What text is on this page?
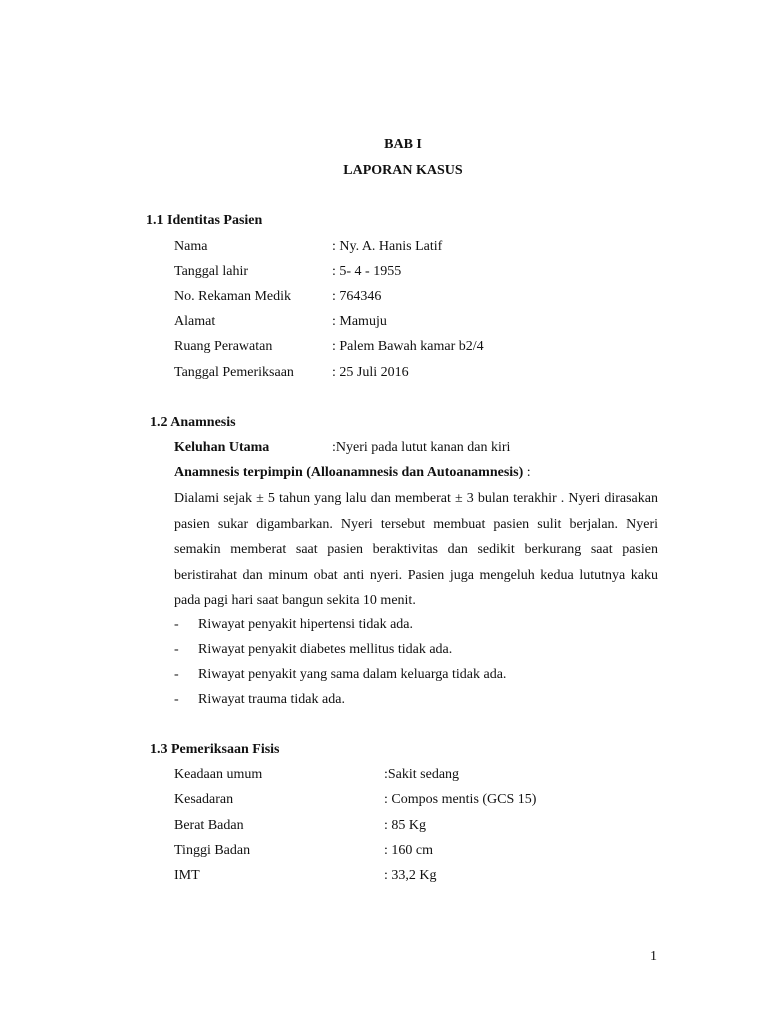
BAB I
LAPORAN KASUS
1.1 Identitas Pasien
Nama	: Ny. A. Hanis Latif
Tanggal lahir	: 5- 4 - 1955
No. Rekaman Medik	: 764346
Alamat	: Mamuju
Ruang Perawatan	: Palem Bawah kamar b2/4
Tanggal Pemeriksaan	: 25 Juli 2016
1.2 Anamnesis
Keluhan Utama	:Nyeri pada lutut kanan dan kiri
Anamnesis terpimpin (Alloanamnesis dan Autoanamnesis) :
Dialami sejak ± 5 tahun yang lalu dan memberat ± 3 bulan terakhir . Nyeri dirasakan pasien sukar digambarkan. Nyeri tersebut membuat pasien sulit berjalan. Nyeri semakin memberat saat pasien beraktivitas dan sedikit berkurang saat pasien beristirahat dan minum obat anti nyeri. Pasien juga mengeluh kedua lututnya kaku pada pagi hari saat bangun sekita 10 menit.
- Riwayat penyakit hipertensi tidak ada.
- Riwayat penyakit diabetes mellitus tidak ada.
- Riwayat penyakit yang sama dalam keluarga tidak ada.
- Riwayat trauma tidak ada.
1.3 Pemeriksaan Fisis
Keadaan umum	:Sakit sedang
Kesadaran	: Compos mentis (GCS 15)
Berat Badan	: 85 Kg
Tinggi Badan	: 160 cm
IMT	: 33,2 Kg
1
